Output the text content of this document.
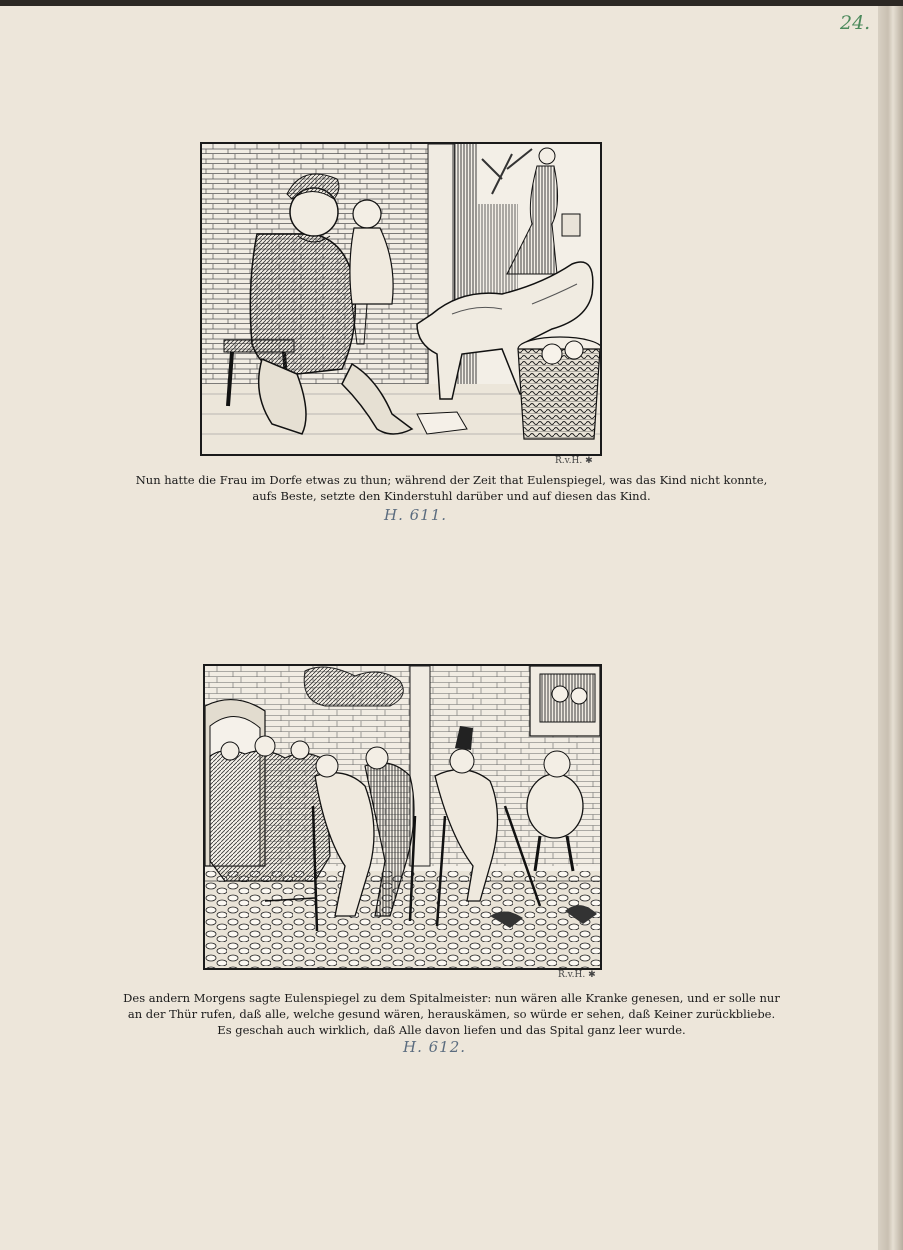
24.
R.v.H. ✱
Nun hatte die Frau im Dorfe etwas zu thun; während der Zeit that Eulenspiegel, was das Kind nicht konnte,
aufs Beste, setzte den Kinderstuhl darüber und auf diesen das Kind.
H. 611.
R.v.H. ✱
Des andern Morgens sagte Eulenspiegel zu dem Spitalmeister: nun wären alle Kranke genesen, und er solle nur
an der Thür rufen, daß alle, welche gesund wären, herauskämen, so würde er sehen, daß Keiner zurückbliebe.
Es geschah auch wirklich, daß Alle davon liefen und das Spital ganz leer wurde.
H. 612.
